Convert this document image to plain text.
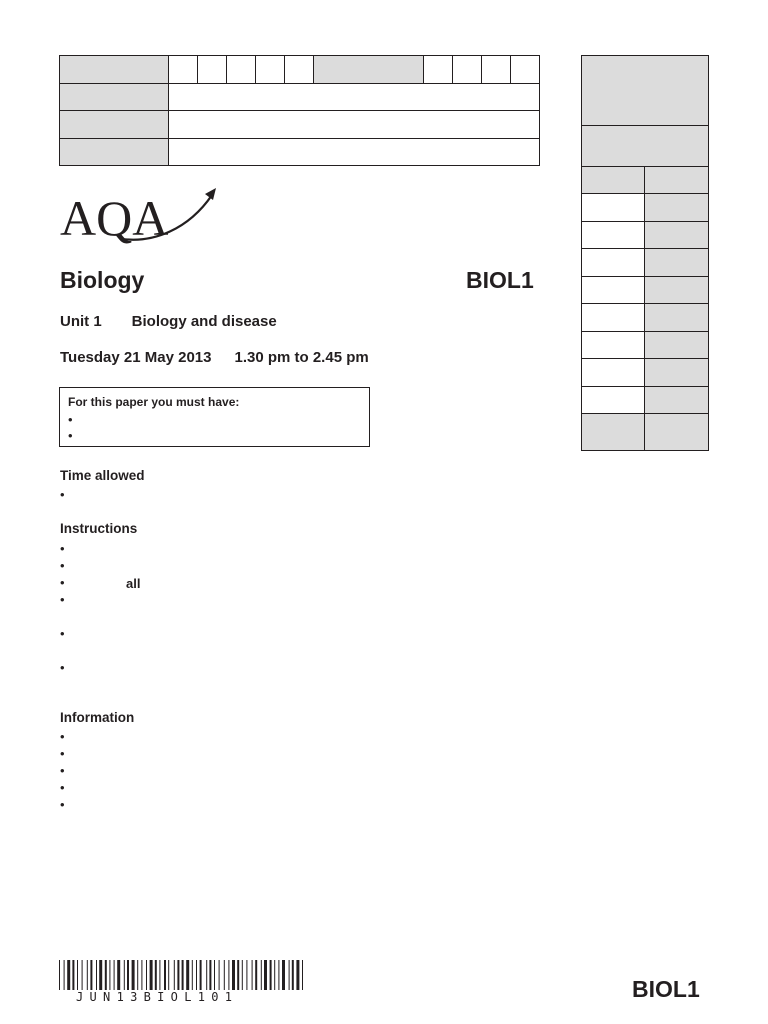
AQA
Biology	BIOL1
Unit 1 Biology and disease
Tuesday 21 May 2013 1.30 pm to 2.45 pm
For this paper you must have:
•
•
Time allowed
•
Instructions
•
•
•	all
•
•
•
Information
•
•
•
•
•
JUN13BIOL101	BIOL1
